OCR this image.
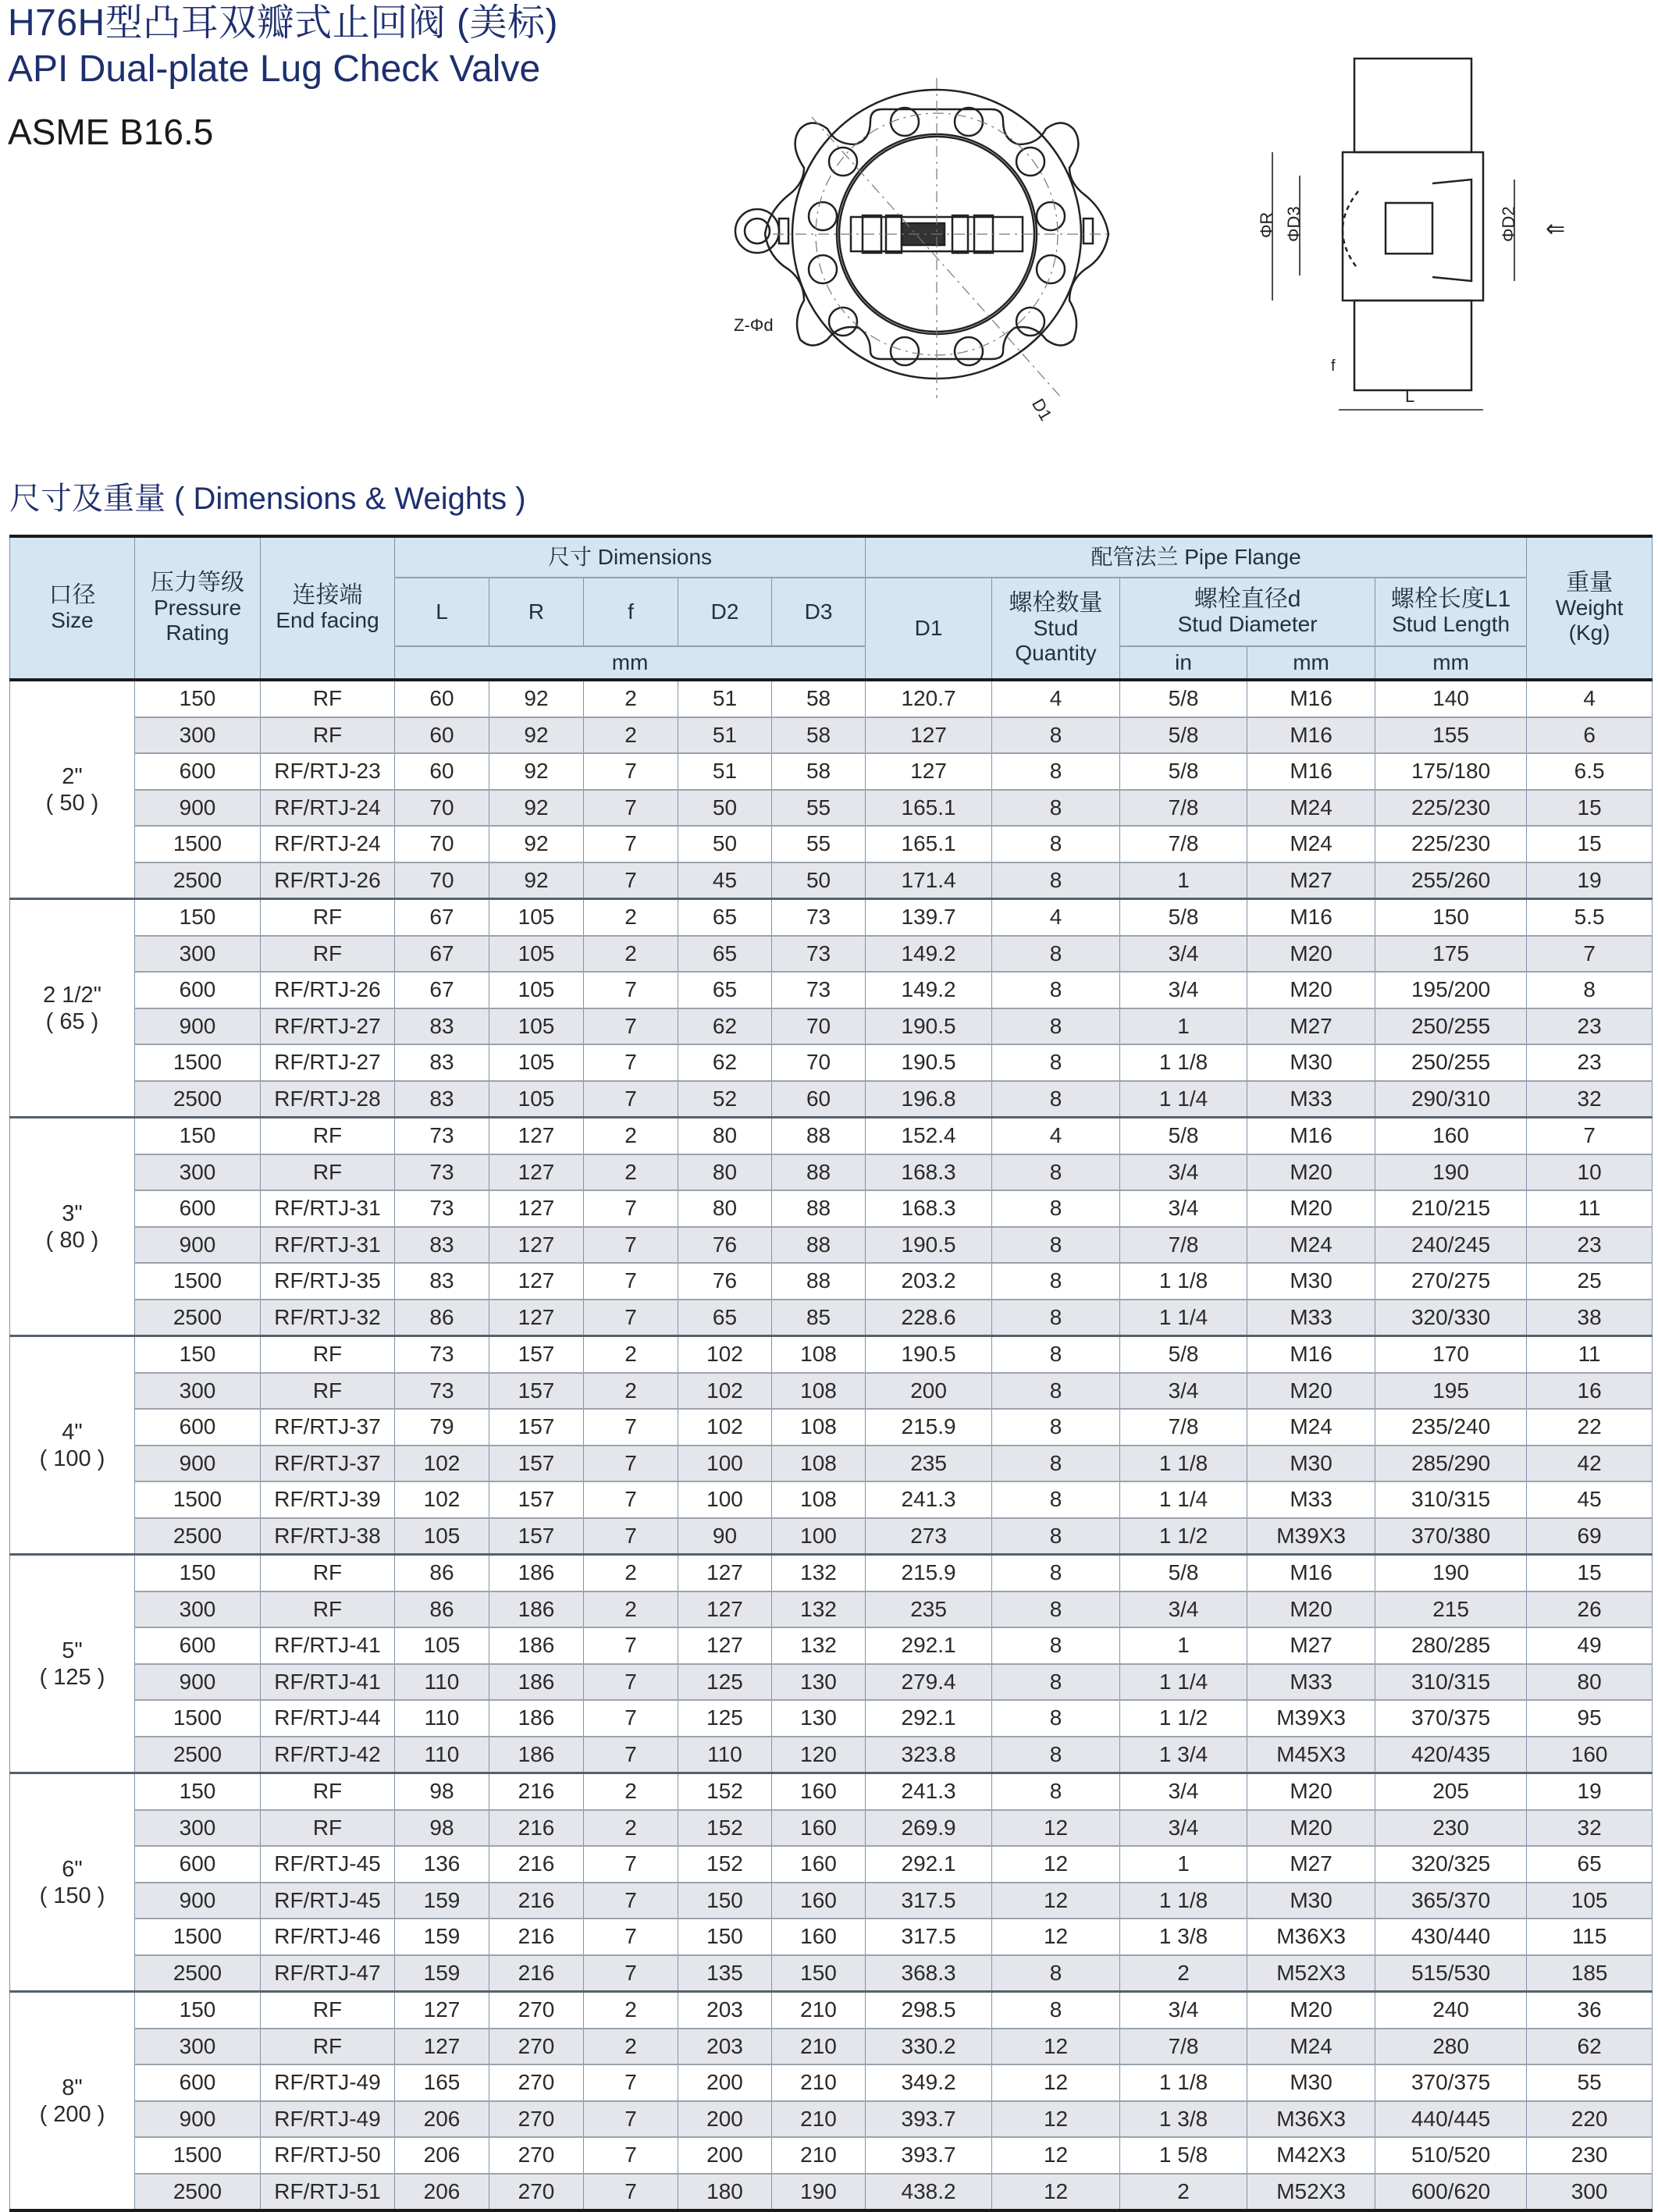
H76H型凸耳双瓣式止回阀 (美标)
API Dual-plate Lug Check Valve
ASME B16.5
Z-Φd
D1
ΦR ΦD3	ΦD2 ⇐
f
L
尺寸及重量 ( Dimensions & Weights )
口径
Size	压力等级
Pressure
Rating	连接端
End facing	尺寸 Dimensions					配管法兰 Pipe Flange					重量
Weight
(Kg)

			L	R	f	D2	D3	D1	螺栓数量
Stud
Quantity	螺栓直径d
Stud Diameter		螺栓长度L1
Stud Length	

			mm							in	mm	mm	

2"
( 50 )	150	RF	60	92	2	51	58	120.7	4	5/8	M16	140	4
	300	RF	60	92	2	51	58	127	8	5/8	M16	155	6
	600	RF/RTJ-23	60	92	7	51	58	127	8	5/8	M16	175/180	6.5
	900	RF/RTJ-24	70	92	7	50	55	165.1	8	7/8	M24	225/230	15
	1500	RF/RTJ-24	70	92	7	50	55	165.1	8	7/8	M24	225/230	15
	2500	RF/RTJ-26	70	92	7	45	50	171.4	8	1	M27	255/260	19

2 1/2"
( 65 )	150	RF	67	105	2	65	73	139.7	4	5/8	M16	150	5.5
	300	RF	67	105	2	65	73	149.2	8	3/4	M20	175	7
	600	RF/RTJ-26	67	105	7	65	73	149.2	8	3/4	M20	195/200	8
	900	RF/RTJ-27	83	105	7	62	70	190.5	8	1	M27	250/255	23
	1500	RF/RTJ-27	83	105	7	62	70	190.5	8	1 1/8	M30	250/255	23
	2500	RF/RTJ-28	83	105	7	52	60	196.8	8	1 1/4	M33	290/310	32

3"
( 80 )	150	RF	73	127	2	80	88	152.4	4	5/8	M16	160	7
	300	RF	73	127	2	80	88	168.3	8	3/4	M20	190	10
	600	RF/RTJ-31	73	127	7	80	88	168.3	8	3/4	M20	210/215	11
	900	RF/RTJ-31	83	127	7	76	88	190.5	8	7/8	M24	240/245	23
	1500	RF/RTJ-35	83	127	7	76	88	203.2	8	1 1/8	M30	270/275	25
	2500	RF/RTJ-32	86	127	7	65	85	228.6	8	1 1/4	M33	320/330	38

4"
( 100 )	150	RF	73	157	2	102	108	190.5	8	5/8	M16	170	11
	300	RF	73	157	2	102	108	200	8	3/4	M20	195	16
	600	RF/RTJ-37	79	157	7	102	108	215.9	8	7/8	M24	235/240	22
	900	RF/RTJ-37	102	157	7	100	108	235	8	1 1/8	M30	285/290	42
	1500	RF/RTJ-39	102	157	7	100	108	241.3	8	1 1/4	M33	310/315	45
	2500	RF/RTJ-38	105	157	7	90	100	273	8	1 1/2	M39X3	370/380	69

5"
( 125 )	150	RF	86	186	2	127	132	215.9	8	5/8	M16	190	15
	300	RF	86	186	2	127	132	235	8	3/4	M20	215	26
	600	RF/RTJ-41	105	186	7	127	132	292.1	8	1	M27	280/285	49
	900	RF/RTJ-41	110	186	7	125	130	279.4	8	1 1/4	M33	310/315	80
	1500	RF/RTJ-44	110	186	7	125	130	292.1	8	1 1/2	M39X3	370/375	95
	2500	RF/RTJ-42	110	186	7	110	120	323.8	8	1 3/4	M45X3	420/435	160

6"
( 150 )	150	RF	98	216	2	152	160	241.3	8	3/4	M20	205	19
	300	RF	98	216	2	152	160	269.9	12	3/4	M20	230	32
	600	RF/RTJ-45	136	216	7	152	160	292.1	12	1	M27	320/325	65
	900	RF/RTJ-45	159	216	7	150	160	317.5	12	1 1/8	M30	365/370	105
	1500	RF/RTJ-46	159	216	7	150	160	317.5	12	1 3/8	M36X3	430/440	115
	2500	RF/RTJ-47	159	216	7	135	150	368.3	8	2	M52X3	515/530	185

8"
( 200 )	150	RF	127	270	2	203	210	298.5	8	3/4	M20	240	36
	300	RF	127	270	2	203	210	330.2	12	7/8	M24	280	62
	600	RF/RTJ-49	165	270	7	200	210	349.2	12	1 1/8	M30	370/375	55
	900	RF/RTJ-49	206	270	7	200	210	393.7	12	1 3/8	M36X3	440/445	220
	1500	RF/RTJ-50	206	270	7	200	210	393.7	12	1 5/8	M42X3	510/520	230
	2500	RF/RTJ-51	206	270	7	180	190	438.2	12	2	M52X3	600/620	300
